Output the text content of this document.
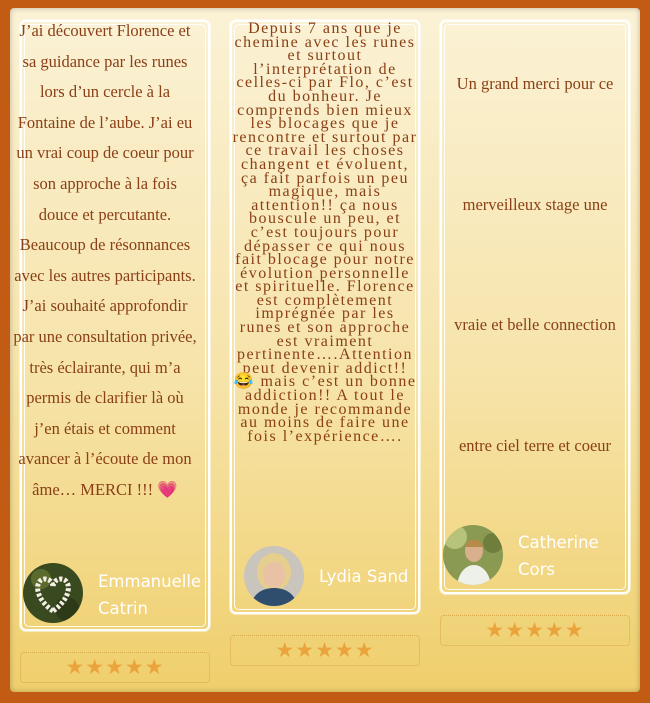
J’ai découvert Florence et sa guidance par les runes lors d’un cercle à la Fontaine de l’aube. J’ai eu un vrai coup de coeur pour son approche à la fois douce et percutante. Beaucoup de résonnances avec les autres participants. J’ai souhaité approfondir par une consultation privée, très éclairante, qui m’a permis de clarifier là où j’en étais et comment avancer à l’écoute de mon âme… MERCI !!! 💗
Emmanuelle
Catrin
★★★★★
Depuis 7 ans que je chemine avec les runes et surtout l’interprétation de celles-ci par Flo, c’est du bonheur. Je comprends bien mieux les blocages que je rencontre et surtout par ce travail les choses changent et évoluent, ça fait parfois un peu magique, mais attention!! ça nous bouscule un peu, et c’est toujours pour dépasser ce qui nous fait blocage pour notre évolution personnelle et spirituelle. Florence est complètement imprégnée par les runes et son approche est vraiment pertinente….Attention peut devenir addict!! 😂 mais c’est un bonne addiction!! A tout le monde je recommande au moins de faire une fois l’expérience….
Lydia Sand
★★★★★
Un grand merci pour ce
merveilleux stage une
vraie et belle connection
entre ciel terre et coeur
Catherine
Cors
★★★★★
